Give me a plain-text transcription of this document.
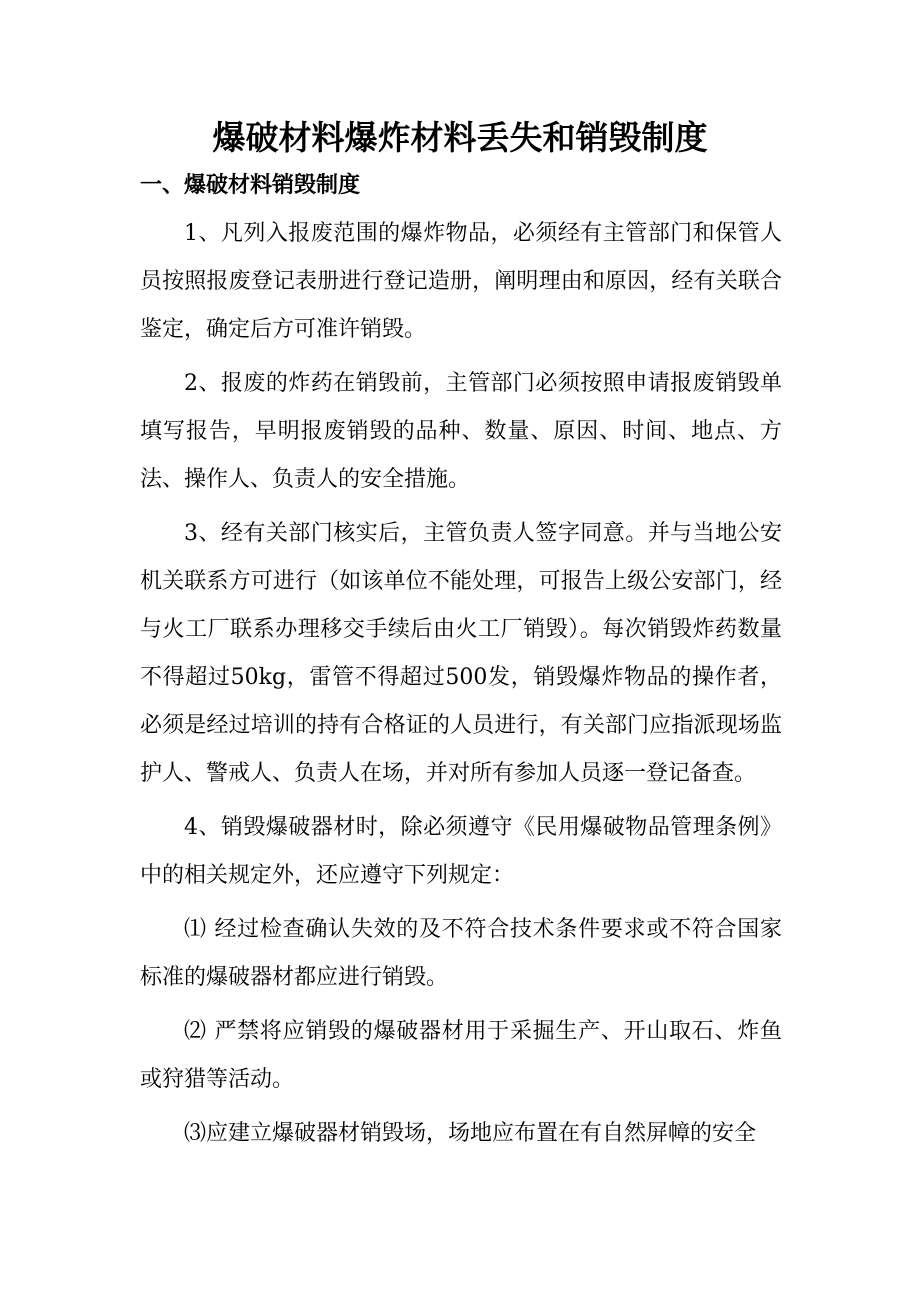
爆破材料爆炸材料丢失和销毁制度
一、爆破材料销毁制度

1、凡列入报废范围的爆炸物品，必须经有主管部门和保管人员按照报废登记表册进行登记造册，阐明理由和原因，经有关联合鉴定，确定后方可准许销毁。

2、报废的炸药在销毁前，主管部门必须按照申请报废销毁单填写报告，早明报废销毁的品种、数量、原因、时间、地点、方法、操作人、负责人的安全措施。

3、经有关部门核实后，主管负责人签字同意。并与当地公安机关联系方可进行（如该单位不能处理，可报告上级公安部门，经与火工厂联系办理移交手续后由火工厂销毁）。每次销毁炸药数量不得超过50kg，雷管不得超过500发，销毁爆炸物品的操作者，必须是经过培训的持有合格证的人员进行，有关部门应指派现场监护人、警戒人、负责人在场，并对所有参加人员逐一登记备查。

4、销毁爆破器材时，除必须遵守《民用爆破物品管理条例》中的相关规定外，还应遵守下列规定：

⑴ 经过检查确认失效的及不符合技术条件要求或不符合国家标准的爆破器材都应进行销毁。

⑵ 严禁将应销毁的爆破器材用于采掘生产、开山取石、炸鱼或狩猎等活动。

⑶应建立爆破器材销毁场，场地应布置在有自然屏幛的安全
